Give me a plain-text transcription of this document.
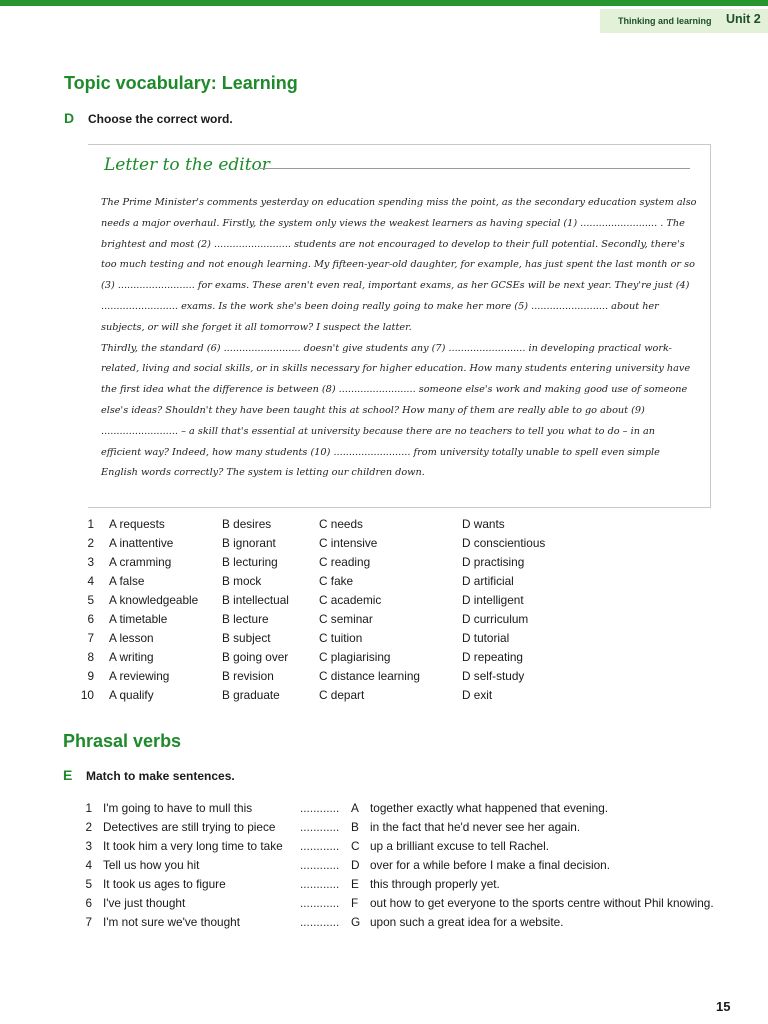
Thinking and learning Unit 2
Topic vocabulary: Learning
D Choose the correct word.
Letter to the editor

The Prime Minister's comments yesterday on education spending miss the point, as the secondary education system also needs a major overhaul. Firstly, the system only views the weakest learners as having special (1) ......................... . The brightest and most (2) ......................... students are not encouraged to develop to their full potential. Secondly, there's too much testing and not enough learning. My fifteen-year-old daughter, for example, has just spent the last month or so (3) ......................... for exams. These aren't even real, important exams, as her GCSEs will be next year. They're just (4) ......................... exams. Is the work she's been doing really going to make her more (5) ......................... about her subjects, or will she forget it all tomorrow? I suspect the latter.

Thirdly, the standard (6) ......................... doesn't give students any (7) ......................... in developing practical work-related, living and social skills, or in skills necessary for higher education. How many students entering university have the first idea what the difference is between (8) ......................... someone else's work and making good use of someone else's ideas? Shouldn't they have been taught this at school? How many of them are really able to go about (9) ......................... – a skill that's essential at university because there are no teachers to tell you what to do – in an efficient way? Indeed, how many students (10) ......................... from university totally unable to spell even simple English words correctly? The system is letting our children down.

1 A requests	B desires	C needs	D wants
2 A inattentive	B ignorant	C intensive	D conscientious
3 A cramming	B lecturing	C reading	D practising
4 A false	B mock	C fake	D artificial
5 A knowledgeable B intellectual	C academic	D intelligent
6 A timetable	B lecture	C seminar	D curriculum
7 A lesson	B subject	C tuition	D tutorial
8 A writing	B going over	C plagiarising	D repeating
9 A reviewing	B revision	C distance learning	D self-study
10 A qualify	B graduate	C depart	D exit
Phrasal verbs
E Match to make sentences.
1 I'm going to have to mull this	............ A together exactly what happened that evening.
2 Detectives are still trying to piece ............ B in the fact that he'd never see her again.
3 It took him a very long time to take ............ C up a brilliant excuse to tell Rachel.
4 Tell us how you hit	............ D over for a while before I make a final decision.
5 It took us ages to figure	............ E this through properly yet.
6 I've just thought	............ F out how to get everyone to the sports centre without Phil knowing.
7 I'm not sure we've thought	............ G upon such a great idea for a website.
15
